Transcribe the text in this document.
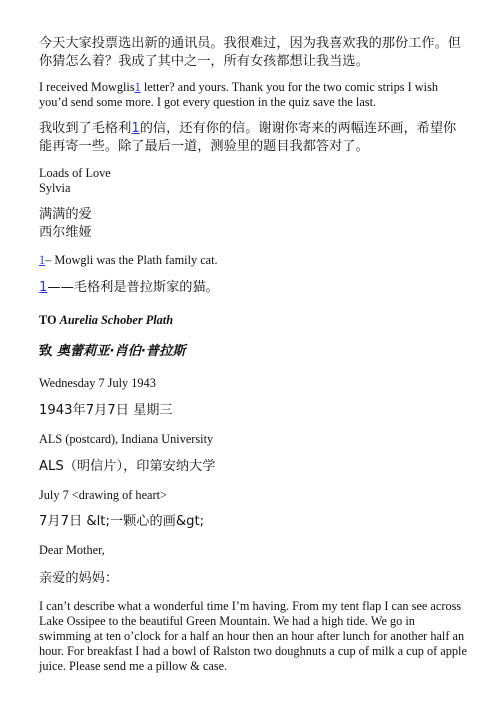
今天大家投票选出新的通讯员。我很难过，因为我喜欢我的那份工作。但你猜怎么着？我成了其中之一，所有女孩都想让我当选。

I received Mowglis1 letter? and yours. Thank you for the two comic strips I wish you’d send some more. I got every question in the quiz save the last.

我收到了毛格利1的信，还有你的信。谢谢你寄来的两幅连环画，希望你能再寄一些。除了最后一道，测验里的题目我都答对了。

Loads of Love
Sylvia

满满的爱
西尔维娅

1– Mowgli was the Plath family cat.

1——毛格利是普拉斯家的猫。

TO Aurelia Schober Plath

致 奥蕾莉亚·肖伯·普拉斯

Wednesday 7 July 1943

1943年7月7日 星期三

ALS (postcard), Indiana University

ALS（明信片），印第安纳大学

July 7 <drawing of heart>

7月7日 &lt;一颗心的画&gt;

Dear Mother,

亲爱的妈妈：

I can’t describe what a wonderful time I’m having. From my tent flap I can see across Lake Ossipee to the beautiful Green Mountain. We had a high tide. We go in swimming at ten o’clock for a half an hour then an hour after lunch for another half an hour. For breakfast I had a bowl of Ralston two doughnuts a cup of milk a cup of apple juice. Please send me a pillow & case.
